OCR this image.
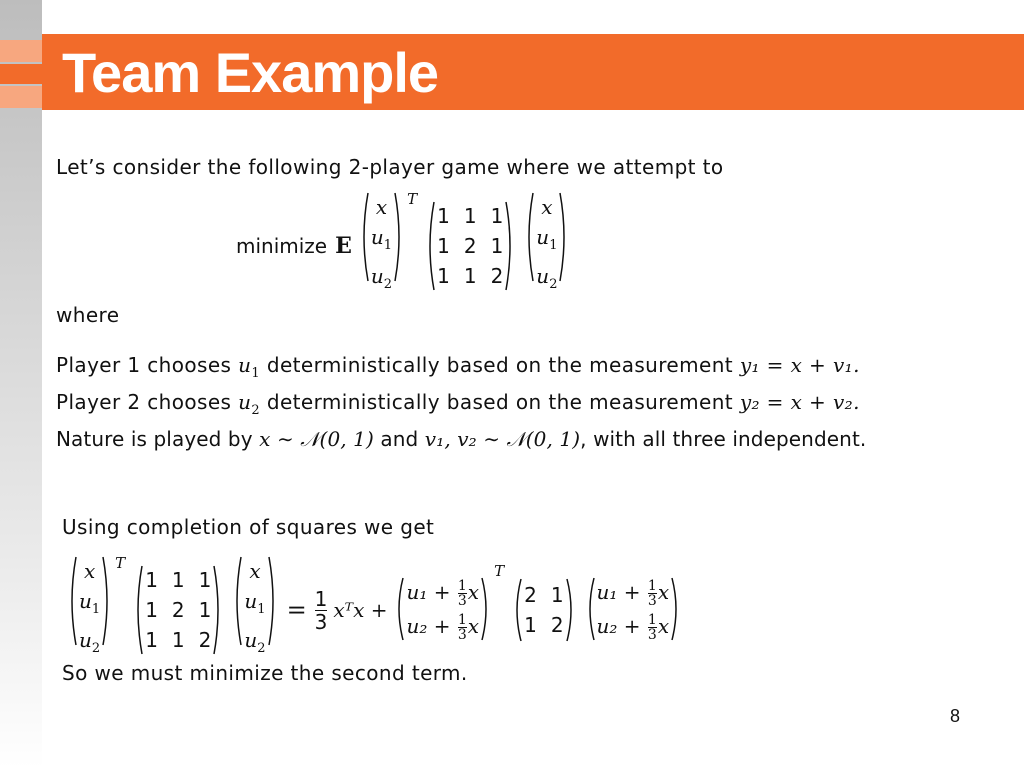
Team Example
Let’s consider the following 2-player game where we attempt to
minimize E
x
$u_1$
$u_2$
T
1 1 1
1 2 1
1 1 2
x
$u_1$
$u_2$
where
Player 1 chooses $u_1$ deterministically based on the measurement y₁ = x + v₁.
Player 2 chooses $u_2$ deterministically based on the measurement y₂ = x + v₂.
Nature is played by x ∼ 𝒩(0, 1) and v₁, v₂ ∼ 𝒩(0, 1), with all three independent.
Using completion of squares we get
x
$u_1$
$u_2$
T
1 1 1
1 2 1
1 1 2
x
$u_1$
$u_2$
= 1
3 xᵀx +
$u_1 + \frac{1}{3}$ x
$u_2 + \frac{1}{3}$ x
T
2 1
1 2
$u_1 + \frac{1}{3}$ x
$u_2 + \frac{1}{3}$ x
So we must minimize the second term.
8
